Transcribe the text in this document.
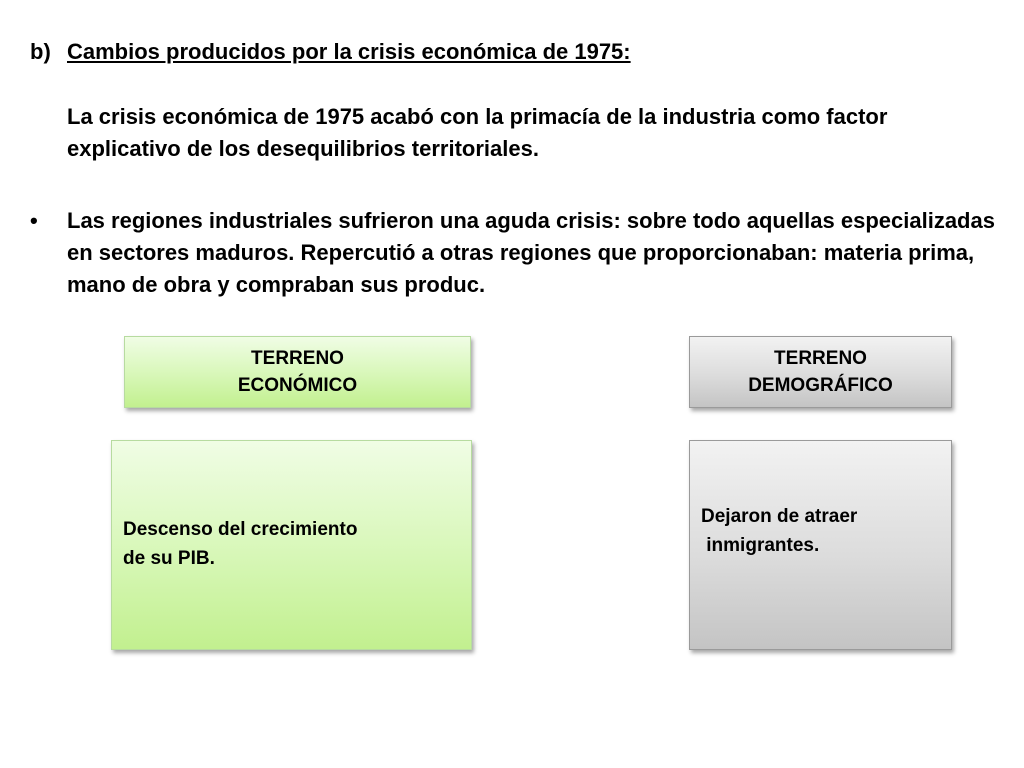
b) Cambios producidos por la crisis económica de 1975:
La crisis económica de 1975 acabó con la primacía de la industria como factor explicativo de los desequilibrios territoriales.
•	Las regiones industriales sufrieron una aguda crisis: sobre todo aquellas especializadas en sectores maduros. Repercutió a otras regiones que proporcionaban: materia prima, mano de obra y compraban sus produc.
TERRENO
ECONÓMICO
TERRENO
DEMOGRÁFICO
Descenso del crecimiento
de su PIB.
Dejaron de atraer
inmigrantes.
